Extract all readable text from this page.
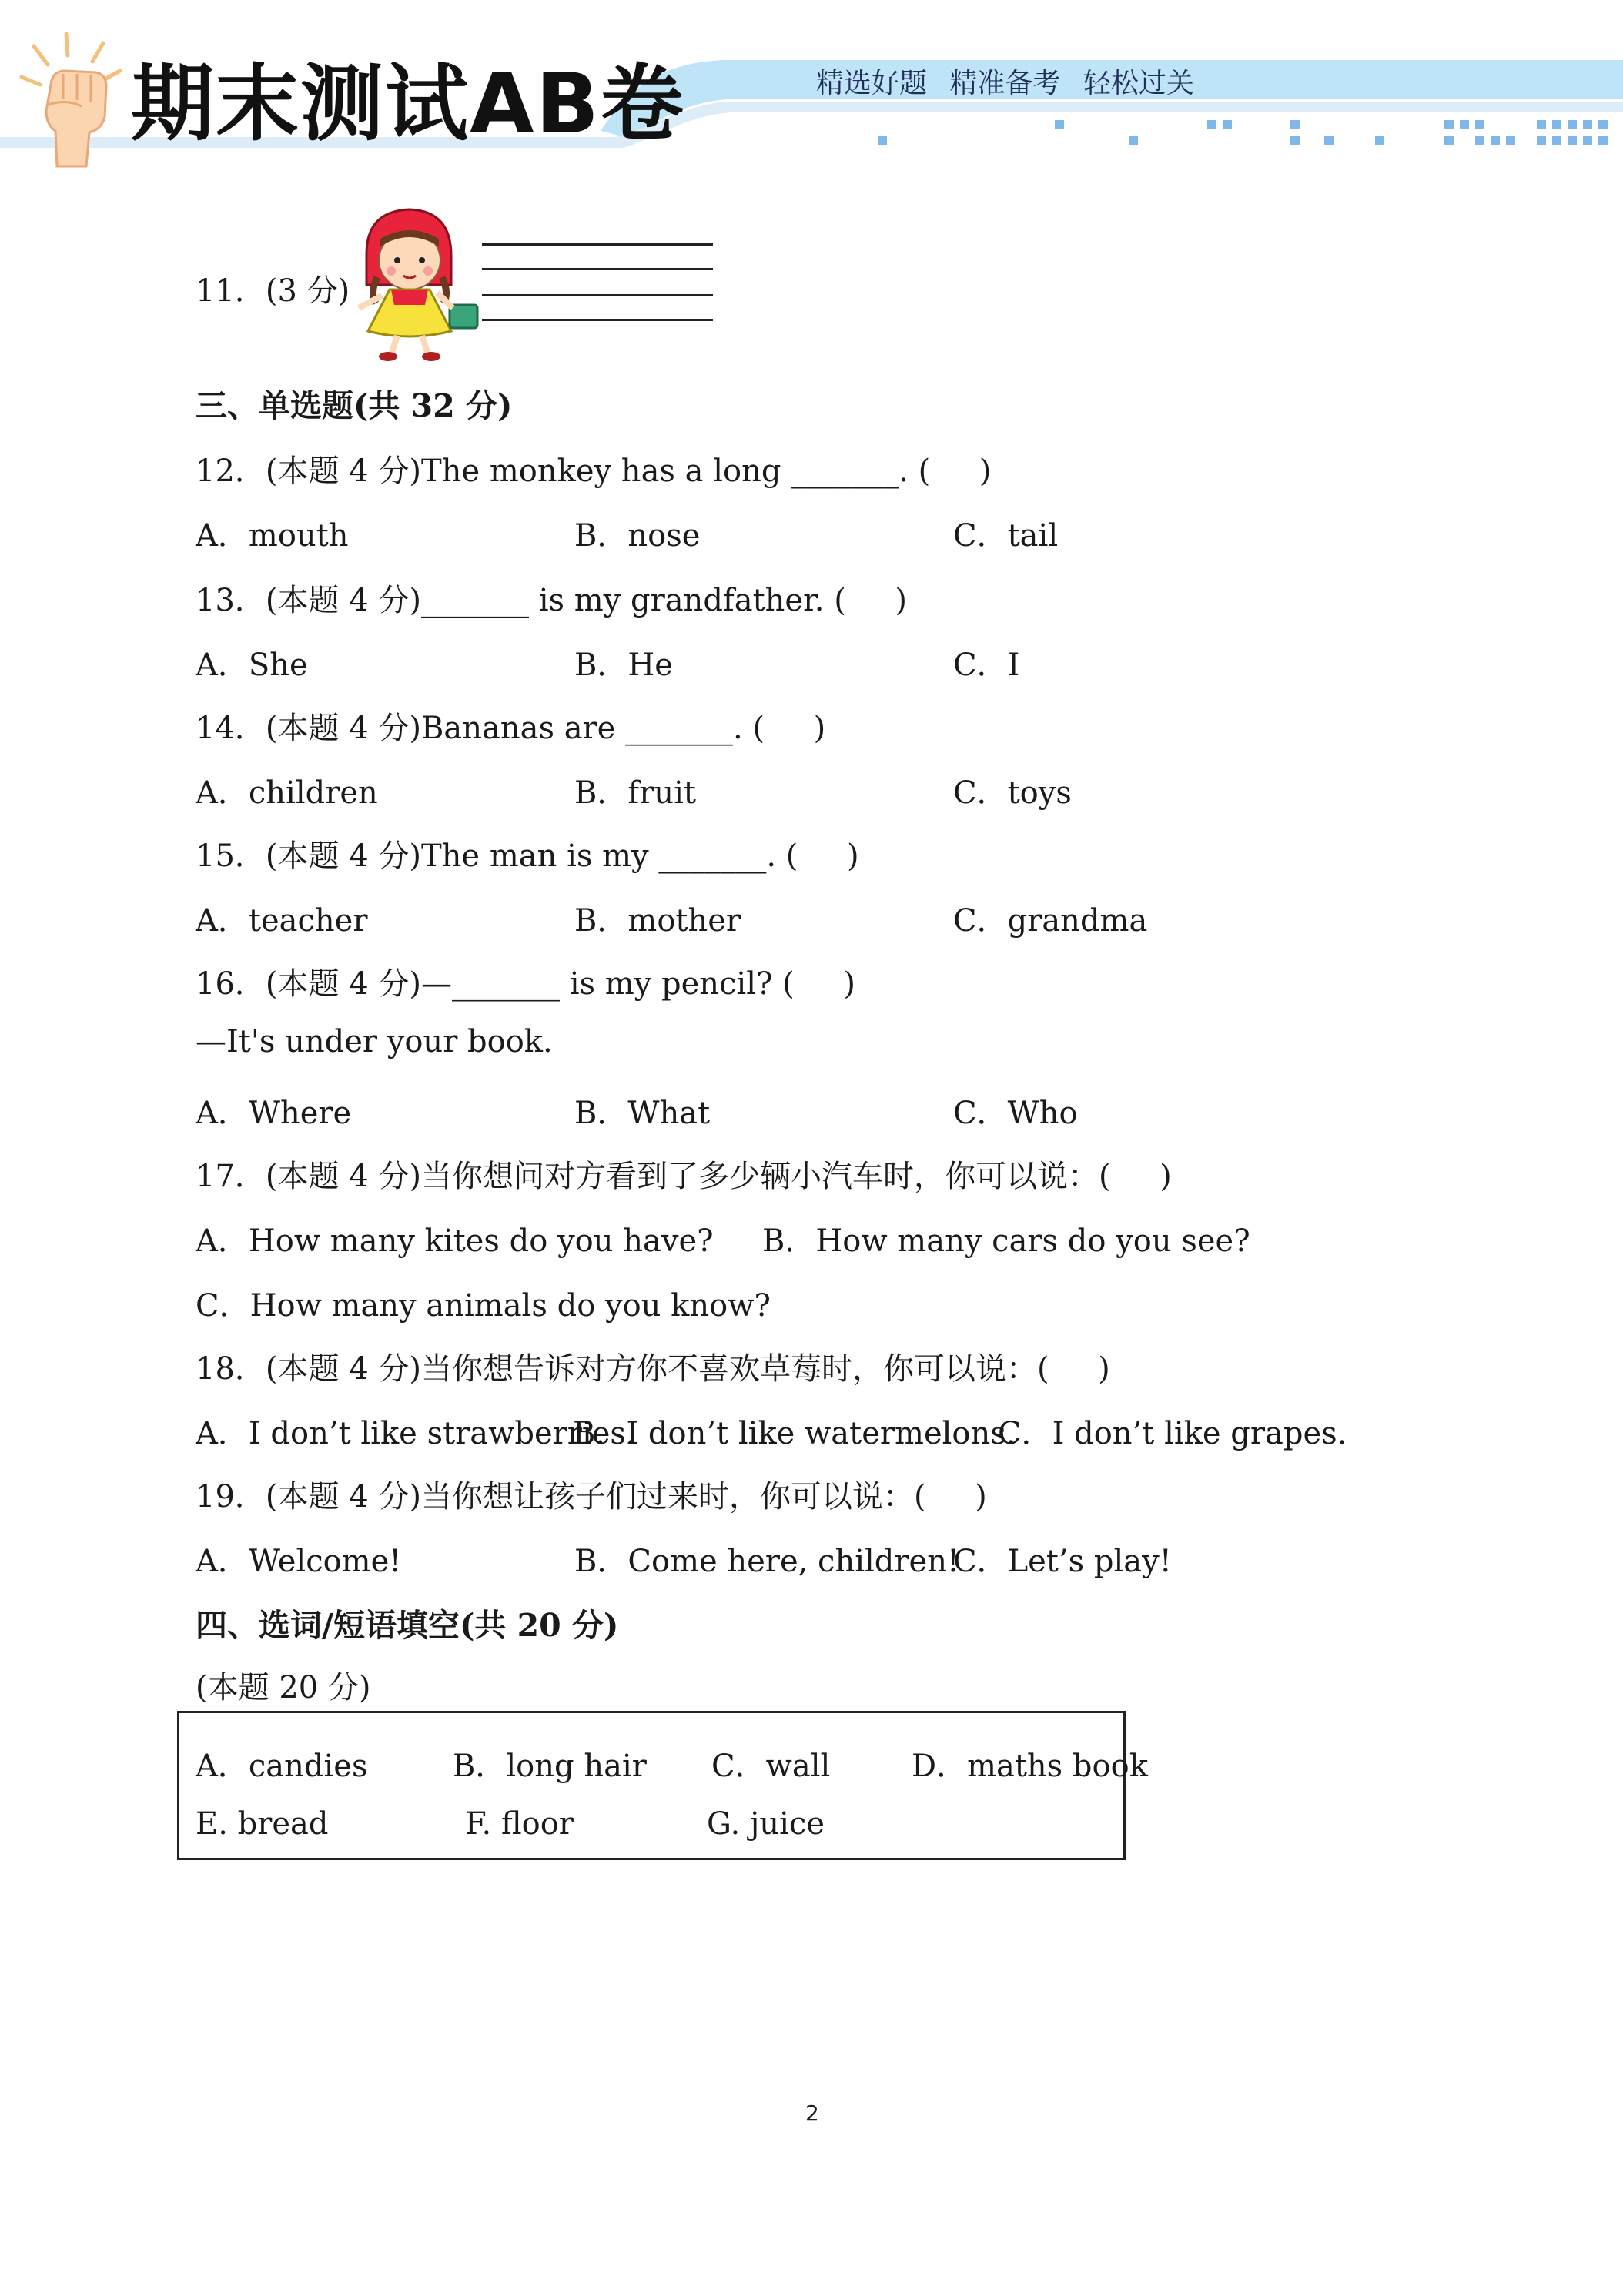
期末测试AB卷	精选好题 精准备考 轻松过关
11．(3 分)
三、单选题(共 32 分)
12．(本题 4 分)The monkey has a long _______. (     )
A．mouth	B．nose	C．tail
13．(本题 4 分)_______ is my grandfather. (     )
A．She	B．He	C．I
14．(本题 4 分)Bananas are _______. (     )
A．children	B．fruit	C．toys
15．(本题 4 分)The man is my _______. (     )
A．teacher	B．mother	C．grandma
16．(本题 4 分)—_______ is my pencil? (     )
—It's under your book.
A．Where	B．What	C．Who
17．(本题 4 分)当你想问对方看到了多少辆小汽车时，你可以说：(     )
A．How many kites do you have? B．How many cars do you see?
C．How many animals do you know?
18．(本题 4 分)当你想告诉对方你不喜欢草莓时，你可以说：(     )
A．I don’t like strawberries.
B．I don’t like watermelons.
C．I don’t like grapes.
19．(本题 4 分)当你想让孩子们过来时，你可以说：(     )
A．Welcome!	B．Come here, children!
C．Let’s play!
四、选词/短语填空(共 20 分)
(本题 20 分)
A．candies	B．long hair C．wall	D．maths book
E. bread	F. floor	G. juice
2
